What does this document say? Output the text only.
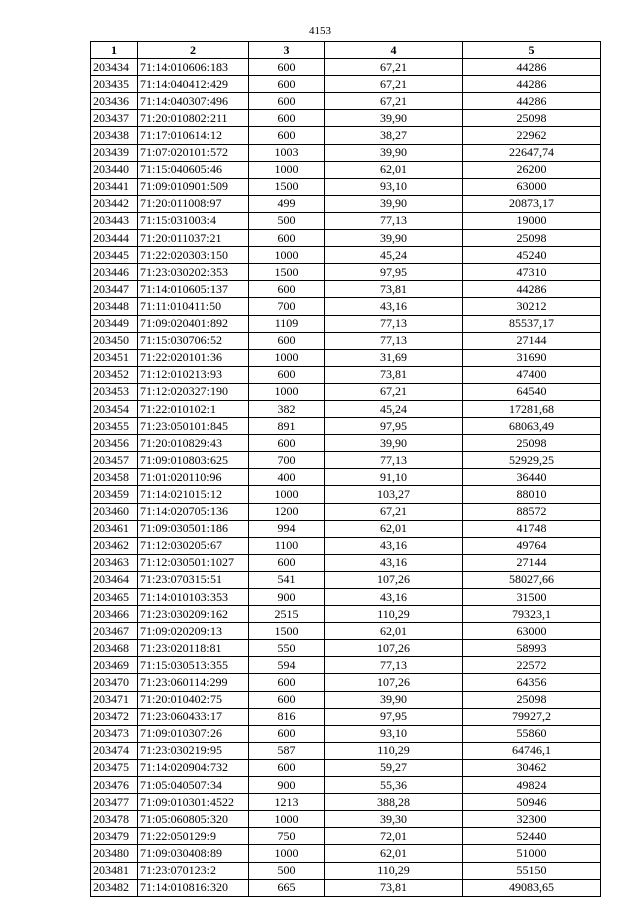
4153
1	2	3	4	5
203434	71:14:010606:183	600	67,21	44286
203435	71:14:040412:429	600	67,21	44286
203436	71:14:040307:496	600	67,21	44286
203437	71:20:010802:211	600	39,90	25098
203438	71:17:010614:12	600	38,27	22962
203439	71:07:020101:572	1003	39,90	22647,74
203440	71:15:040605:46	1000	62,01	26200
203441	71:09:010901:509	1500	93,10	63000
203442	71:20:011008:97	499	39,90	20873,17
203443	71:15:031003:4	500	77,13	19000
203444	71:20:011037:21	600	39,90	25098
203445	71:22:020303:150	1000	45,24	45240
203446	71:23:030202:353	1500	97,95	47310
203447	71:14:010605:137	600	73,81	44286
203448	71:11:010411:50	700	43,16	30212
203449	71:09:020401:892	1109	77,13	85537,17
203450	71:15:030706:52	600	77,13	27144
203451	71:22:020101:36	1000	31,69	31690
203452	71:12:010213:93	600	73,81	47400
203453	71:12:020327:190	1000	67,21	64540
203454	71:22:010102:1	382	45,24	17281,68
203455	71:23:050101:845	891	97,95	68063,49
203456	71:20:010829:43	600	39,90	25098
203457	71:09:010803:625	700	77,13	52929,25
203458	71:01:020110:96	400	91,10	36440
203459	71:14:021015:12	1000	103,27	88010
203460	71:14:020705:136	1200	67,21	88572
203461	71:09:030501:186	994	62,01	41748
203462	71:12:030205:67	1100	43,16	49764
203463	71:12:030501:1027	600	43,16	27144
203464	71:23:070315:51	541	107,26	58027,66
203465	71:14:010103:353	900	43,16	31500
203466	71:23:030209:162	2515	110,29	79323,1
203467	71:09:020209:13	1500	62,01	63000
203468	71:23:020118:81	550	107,26	58993
203469	71:15:030513:355	594	77,13	22572
203470	71:23:060114:299	600	107,26	64356
203471	71:20:010402:75	600	39,90	25098
203472	71:23:060433:17	816	97,95	79927,2
203473	71:09:010307:26	600	93,10	55860
203474	71:23:030219:95	587	110,29	64746,1
203475	71:14:020904:732	600	59,27	30462
203476	71:05:040507:34	900	55,36	49824
203477	71:09:010301:4522	1213	388,28	50946
203478	71:05:060805:320	1000	39,30	32300
203479	71:22:050129:9	750	72,01	52440
203480	71:09:030408:89	1000	62,01	51000
203481	71:23:070123:2	500	110,29	55150
203482	71:14:010816:320	665	73,81	49083,65
